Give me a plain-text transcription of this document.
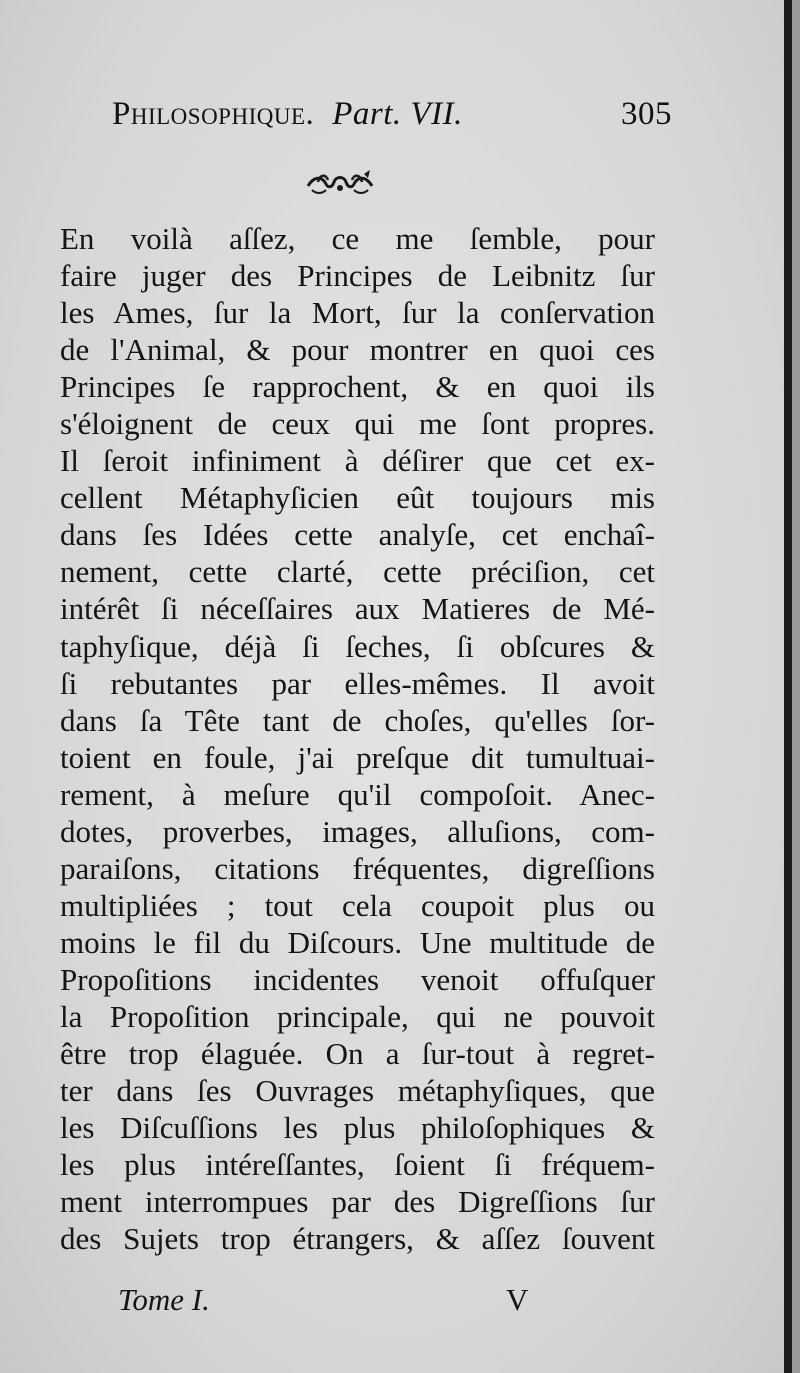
Philosophique. Part. VII.	305
En voilà aſſez, ce me ſemble, pour
faire juger des Principes de Leibnitz ſur
les Ames, ſur la Mort, ſur la conſervation
de l'Animal, & pour montrer en quoi ces
Principes ſe rapprochent, & en quoi ils
s'éloignent de ceux qui me ſont propres.
Il ſeroit infiniment à déſirer que cet ex-
cellent Métaphyſicien eût toujours mis
dans ſes Idées cette analyſe, cet enchaî-
nement, cette clarté, cette préciſion, cet
intérêt ſi néceſſaires aux Matieres de Mé-
taphyſique, déjà ſi ſeches, ſi obſcures &
ſi rebutantes par elles-mêmes. Il avoit
dans ſa Tête tant de choſes, qu'elles ſor-
toient en foule, j'ai preſque dit tumultuai-
rement, à meſure qu'il compoſoit. Anec-
dotes, proverbes, images, alluſions, com-
paraiſons, citations fréquentes, digreſſions
multipliées ; tout cela coupoit plus ou
moins le fil du Diſcours. Une multitude de
Propoſitions incidentes venoit offuſquer
la Propoſition principale, qui ne pouvoit
être trop élaguée. On a ſur-tout à regret-
ter dans ſes Ouvrages métaphyſiques, que
les Diſcuſſions les plus philoſophiques &
les plus intéreſſantes, ſoient ſi fréquem-
ment interrompues par des Digreſſions ſur
des Sujets trop étrangers, & aſſez ſouvent
Tome I.	V
